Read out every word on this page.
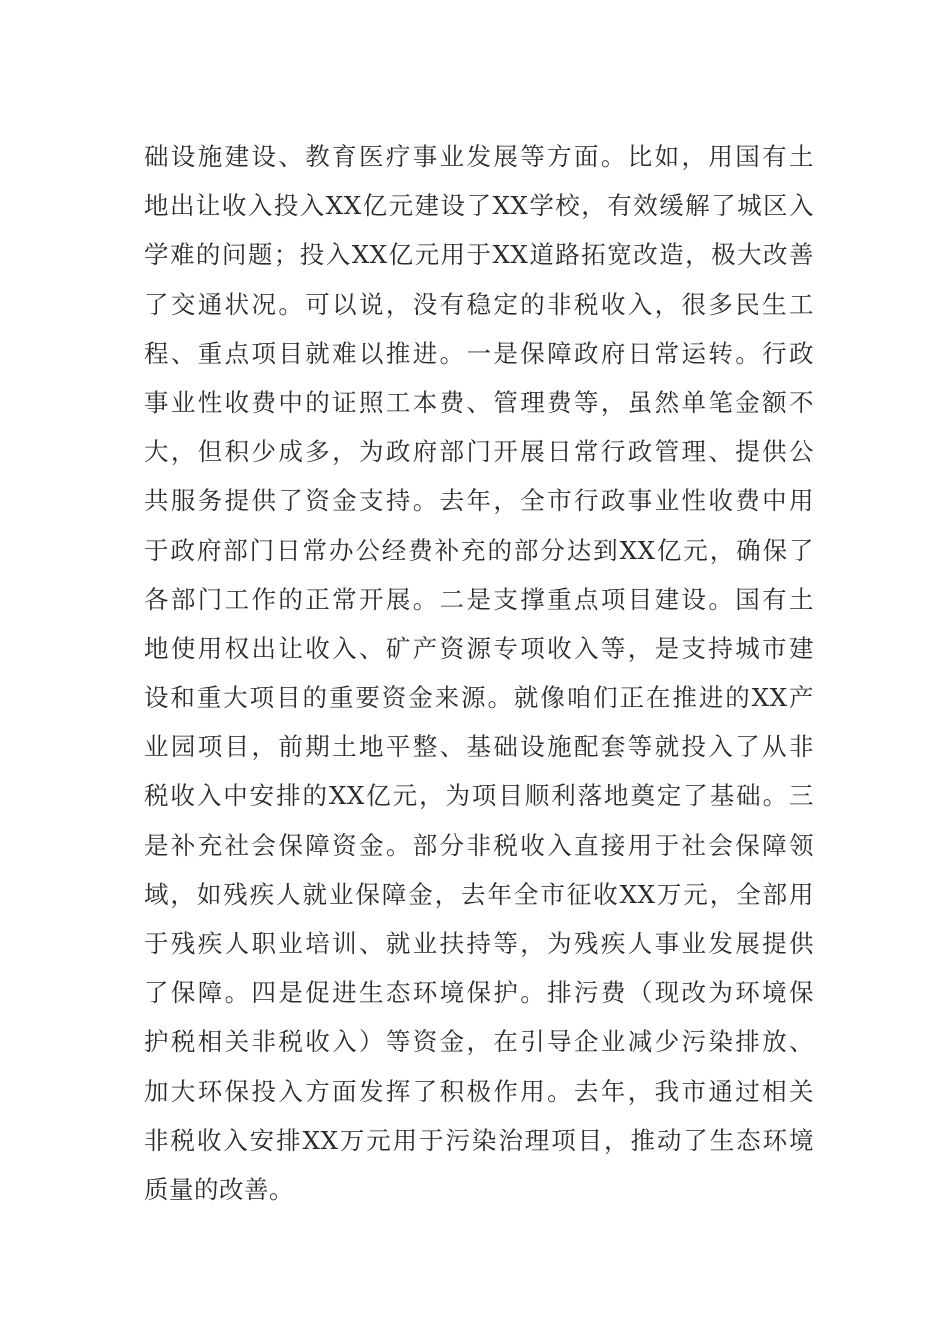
础设施建设、教育医疗事业发展等方面。比如，用国有土
地出让收入投入XX亿元建设了XX学校，有效缓解了城区入
学难的问题；投入XX亿元用于XX道路拓宽改造，极大改善
了交通状况。可以说，没有稳定的非税收入，很多民生工
程、重点项目就难以推进。一是保障政府日常运转。行政
事业性收费中的证照工本费、管理费等，虽然单笔金额不
大，但积少成多，为政府部门开展日常行政管理、提供公
共服务提供了资金支持。去年，全市行政事业性收费中用
于政府部门日常办公经费补充的部分达到XX亿元，确保了
各部门工作的正常开展。二是支撑重点项目建设。国有土
地使用权出让收入、矿产资源专项收入等，是支持城市建
设和重大项目的重要资金来源。就像咱们正在推进的XX产
业园项目，前期土地平整、基础设施配套等就投入了从非
税收入中安排的XX亿元，为项目顺利落地奠定了基础。三
是补充社会保障资金。部分非税收入直接用于社会保障领
域，如残疾人就业保障金，去年全市征收XX万元，全部用
于残疾人职业培训、就业扶持等，为残疾人事业发展提供
了保障。四是促进生态环境保护。排污费（现改为环境保
护税相关非税收入）等资金，在引导企业减少污染排放、
加大环保投入方面发挥了积极作用。去年，我市通过相关
非税收入安排XX万元用于污染治理项目，推动了生态环境
质量的改善。
